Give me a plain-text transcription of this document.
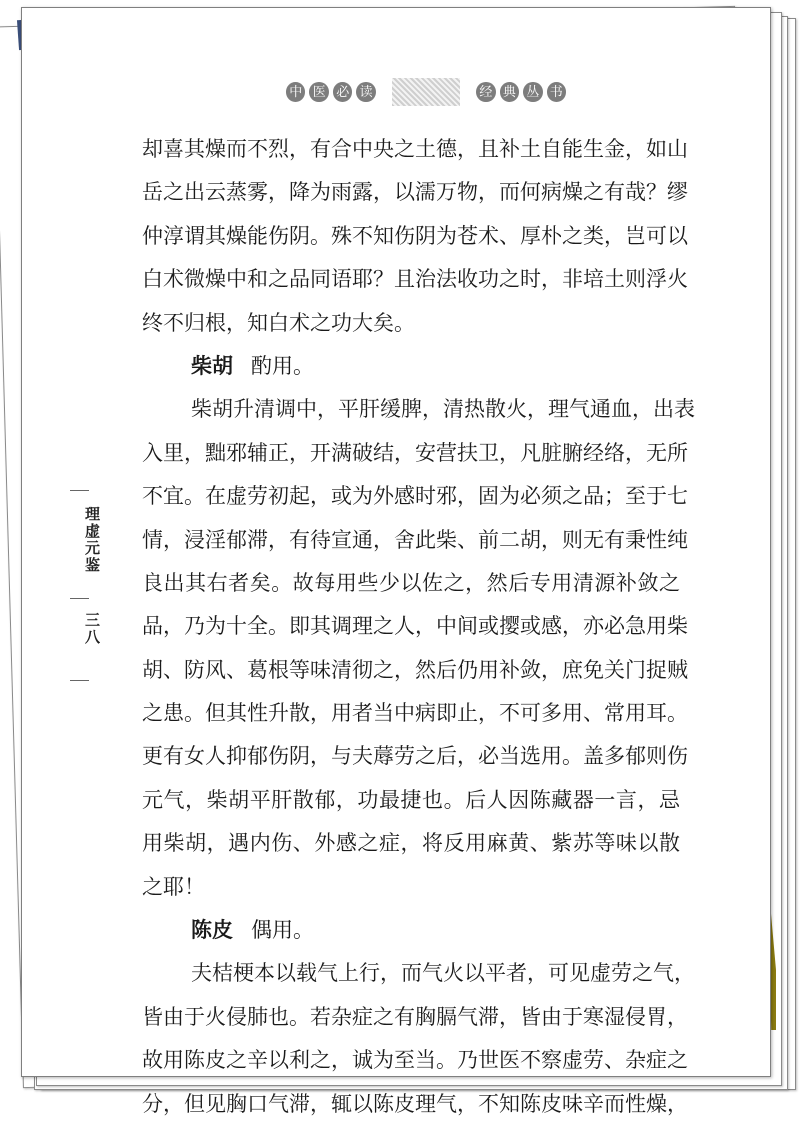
中 医 必 读	经 典 丛 书
理虚元鉴
三八
却喜其燥而不烈，有合中央之土德，且补土自能生金，如山
岳之出云蒸雾，降为雨露，以濡万物，而何病燥之有哉？缪
仲淳谓其燥能伤阴。殊不知伤阴为苍术、厚朴之类，岂可以
白术微燥中和之品同语耶？且治法收功之时，非培土则浮火
终不归根，知白术之功大矣。
柴胡 酌用。
柴胡升清调中，平肝缓脾，清热散火，理气通血，出表
入里，黜邪辅正，开满破结，安营扶卫，凡脏腑经络，无所
不宜。在虚劳初起，或为外感时邪，固为必须之品；至于七
情，浸淫郁滞，有待宣通，舍此柴、前二胡，则无有秉性纯
良出其右者矣。故每用些少以佐之，然后专用清源补敛之
品，乃为十全。即其调理之人，中间或撄或感，亦必急用柴
胡、防风、葛根等味清彻之，然后仍用补敛，庶免关门捉贼
之患。但其性升散，用者当中病即止，不可多用、常用耳。
更有女人抑郁伤阴，与夫蓐劳之后，必当选用。盖多郁则伤
元气，柴胡平肝散郁，功最捷也。后人因陈藏器一言，忌
用柴胡，遇内伤、外感之症，将反用麻黄、紫苏等味以散
之耶！
陈皮 偶用。
夫桔梗本以载气上行，而气火以平者，可见虚劳之气，
皆由于火侵肺也。若杂症之有胸膈气滞，皆由于寒湿侵胃，
故用陈皮之辛以利之，诚为至当。乃世医不察虚劳、杂症之
分，但见胸口气滞，辄以陈皮理气，不知陈皮味辛而性燥，
